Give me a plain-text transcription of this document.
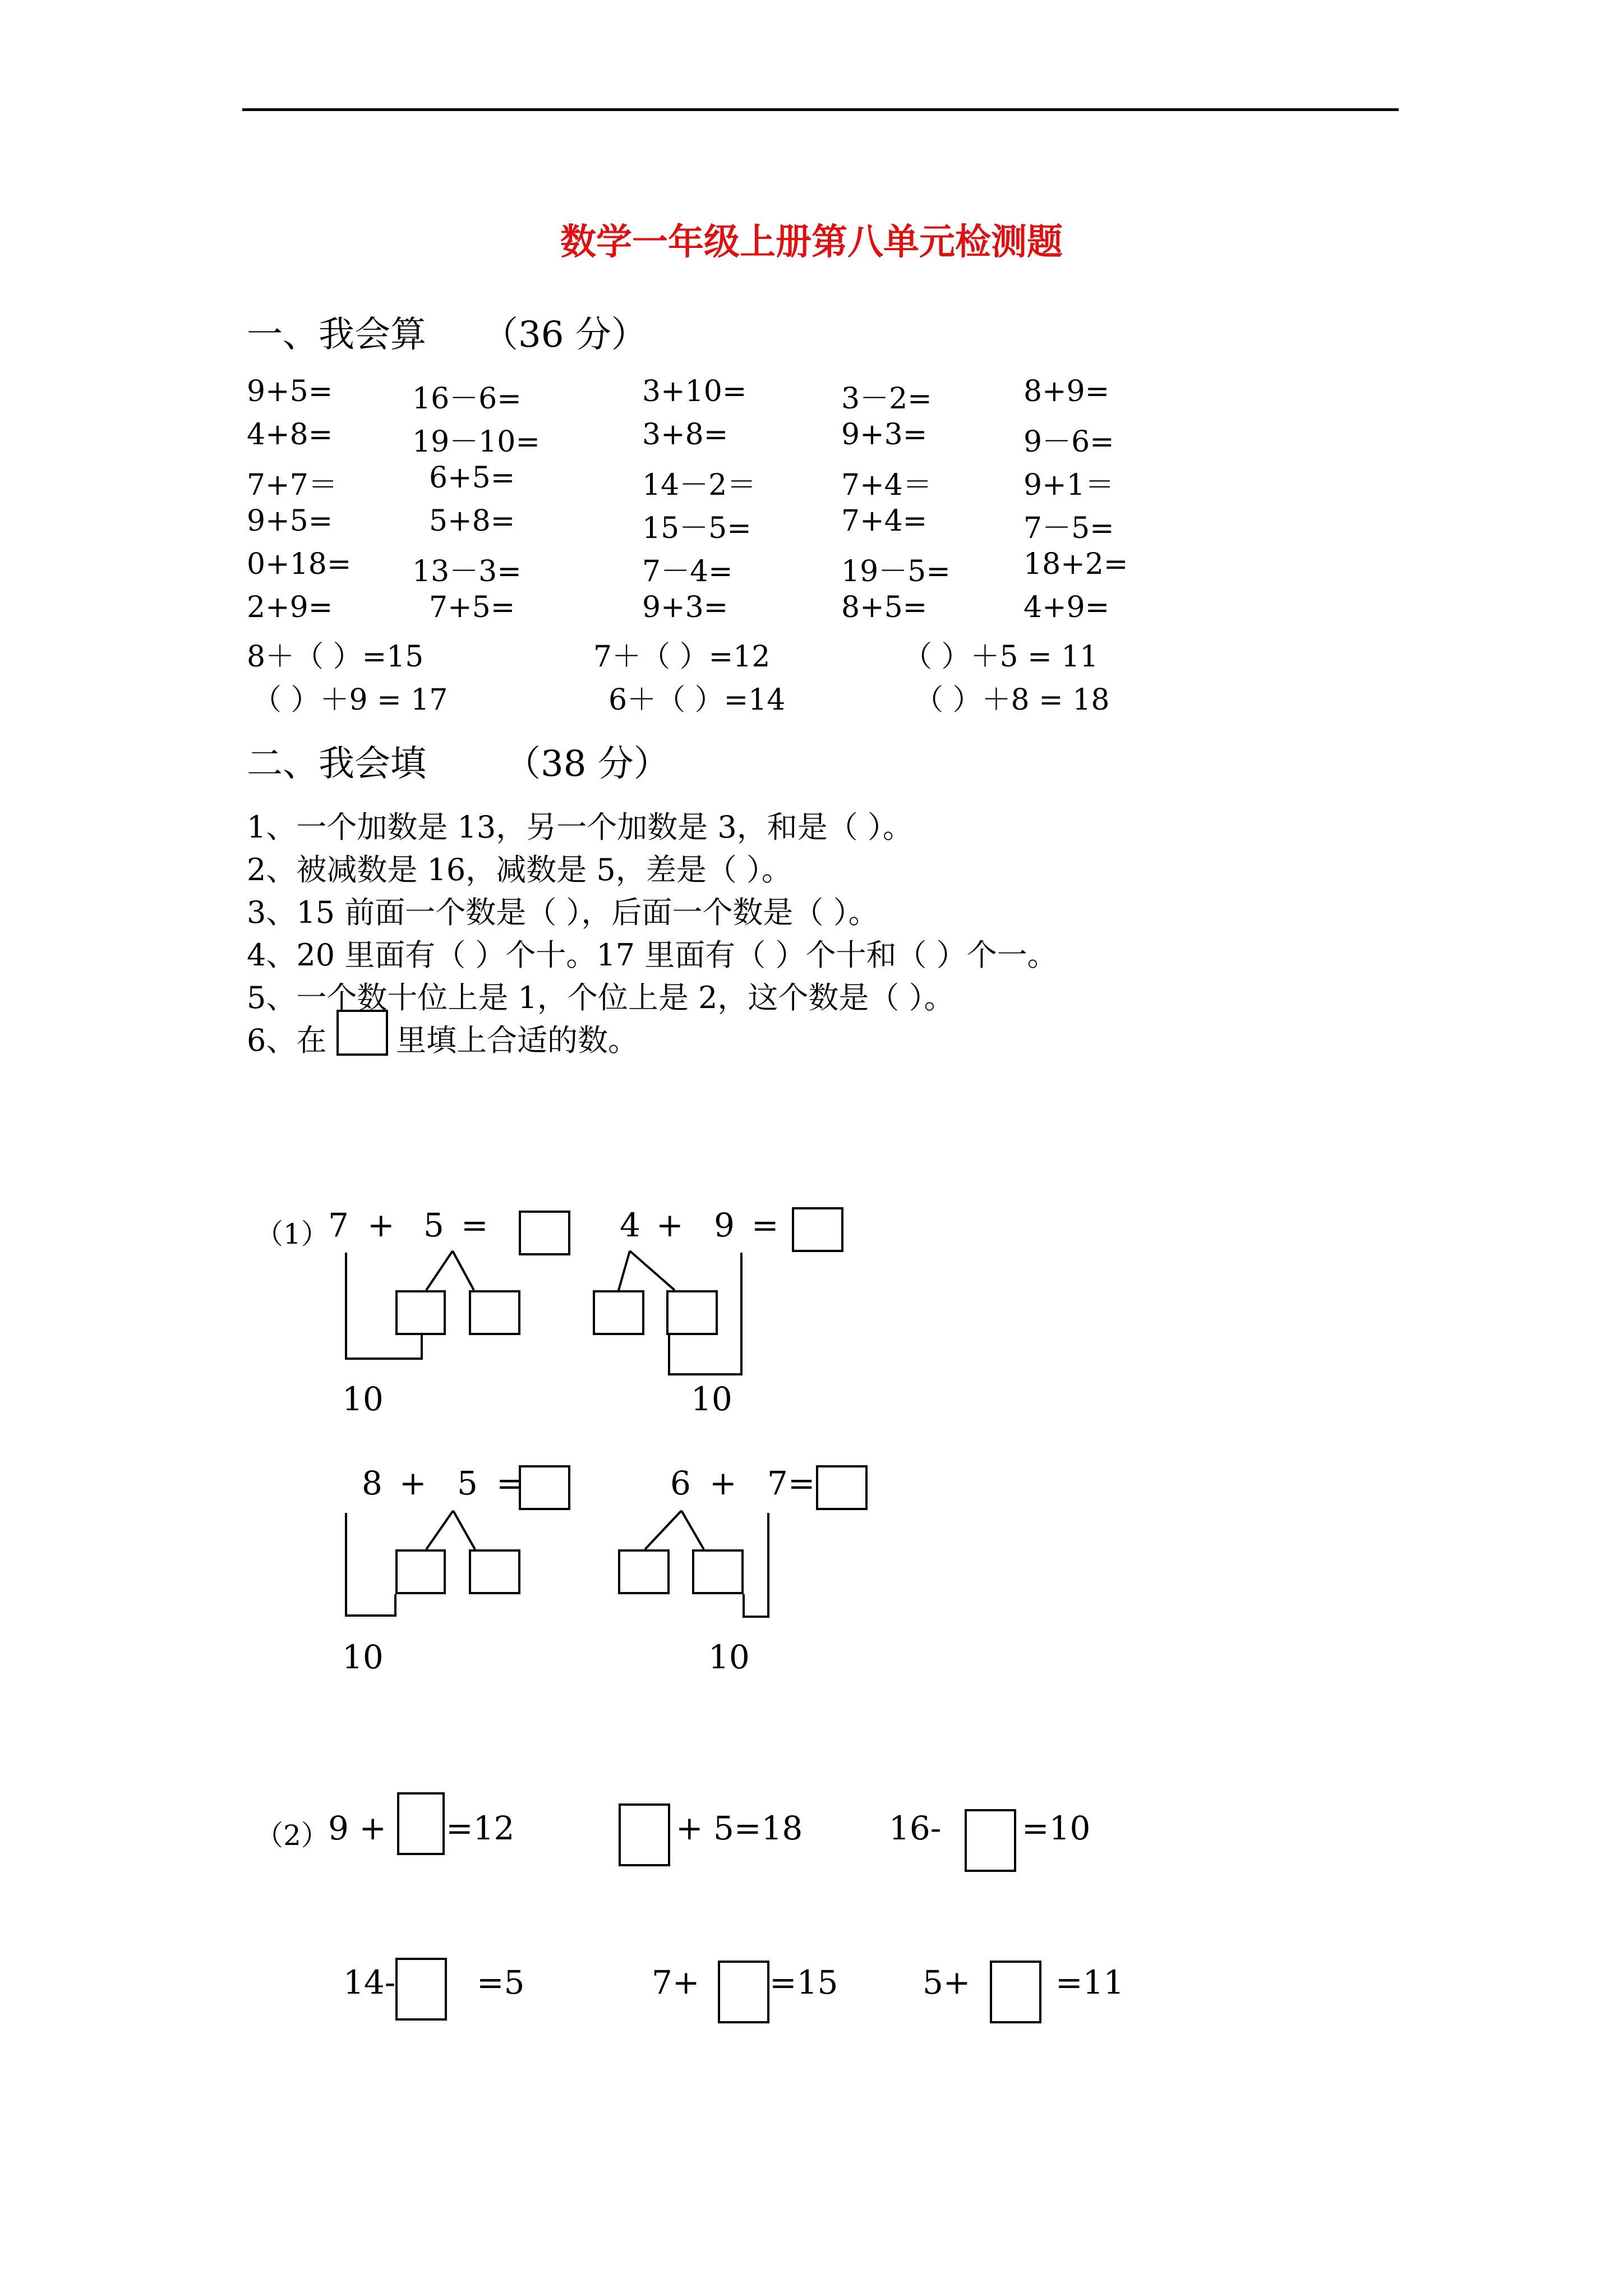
数学一年级上册第八单元检测题
一、我会算 （36 分）
9+5=	16－6=	3+10=	3－2=	8+9=
4+8=	19－10=	3+8=	9+3=	9－6=
7+7＝	6+5=	14－2＝	7+4＝	9+1＝
9+5=	5+8=	15－5=	7+4=	7－5=
0+18= 13－3=	7－4=	19－5=	18+2=
2+9=	7+5=	9+3=	8+5=	4+9=
8＋（ ）=15	7＋（ ）=12	（ ）＋5 = 11
（ ）＋9 = 17	6＋（ ）=14	（ ）＋8 = 18
二、我会填 （38 分）
1、一个加数是 13，另一个加数是 3，和是（ ）。
2、被减数是 16，减数是 5，差是（ ）。
3、15 前面一个数是（ ），后面一个数是（ ）。
4、20 里面有（ ）个十。17 里面有（ ）个十和（ ）个一。
5、一个数十位上是 1，个位上是 2，这个数是（ ）。
6、在 里填上合适的数。
（1）
7 + 5 =
10
4 + 9 =
10
8 + 5 =
10
6 + 7=
10
（2）
9 + =12	+ 5=18	16- =10
14- =5	7+ =15	5+	=11
